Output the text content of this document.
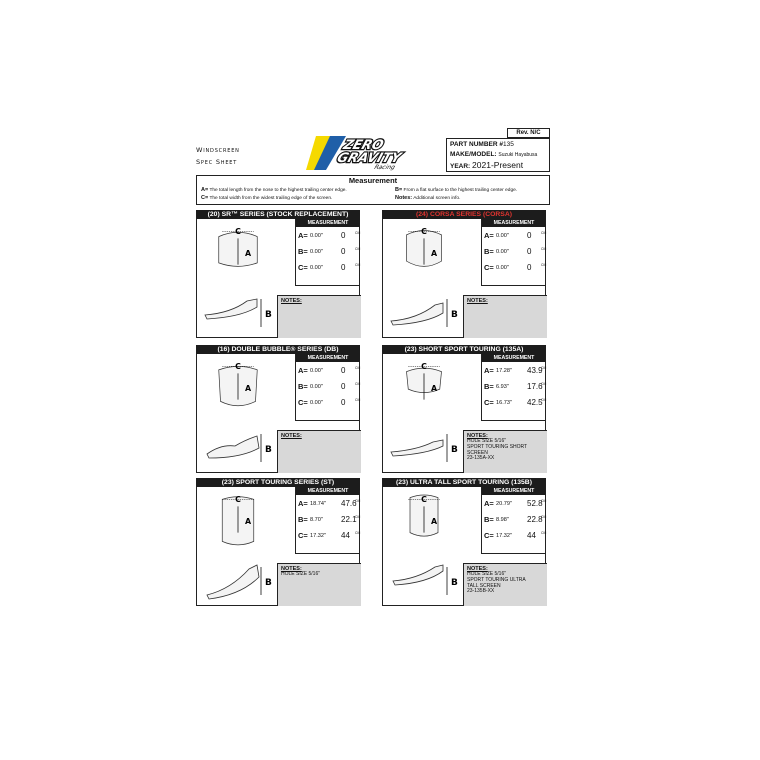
Windscreen
Spec Sheet
ZERO
GRAVITY
Racing
Rev. N/C
PART NUMBER #135
MAKE/MODEL: Suzuki Hayabusa
YEAR: 2021-Present
Measurement
A= The total length from the nose to the highest trailing center edge.	B= From a flat surface to the highest trailing center edge.
C= The total width from the widest trailing edge of the screen.	Notes: Additional screen info.
(20) SR™ SERIES (STOCK REPLACEMENT)
C
A
B
MEASUREMENT
A= 0.00" 0	CM
B= 0.00" 0	CM
C= 0.00" 0	CM
NOTES:
(24) CORSA SERIES (CORSA)
C
A
B
MEASUREMENT
A= 0.00" 0	CM
B= 0.00" 0	CM
C= 0.00" 0	CM
NOTES:
(16) DOUBLE BUBBLE® SERIES (DB)
C
A
B
MEASUREMENT
A= 0.00" 0	CM
B= 0.00" 0	CM
C= 0.00" 0	CM
NOTES:
(23) SHORT SPORT TOURING (135A)
C
A
B
MEASUREMENT
A= 17.28" 43.9
CM
B= 6.93" 17.6
CM
C= 16.73" 42.5
CM
NOTES:
HOLE SIZE 5/16"
SPORT TOURING SHORT
SCREEN
23-135A-XX
(23) SPORT TOURING SERIES (ST)
C
A
B
MEASUREMENT
A= 18.74" 47.6
CM
B= 8.70" 22.1
CM
C= 17.32" 44 CM
NOTES:
HOLE SIZE 5/16"
(23) ULTRA TALL SPORT TOURING (135B)
C
A
B
MEASUREMENT
A= 20.79" 52.8
CM
B= 8.98" 22.8
CM
C= 17.32" 44 CM
NOTES:
HOLE SIZE 5/16"
SPORT TOURING ULTRA
TALL SCREEN
23-135B-XX
